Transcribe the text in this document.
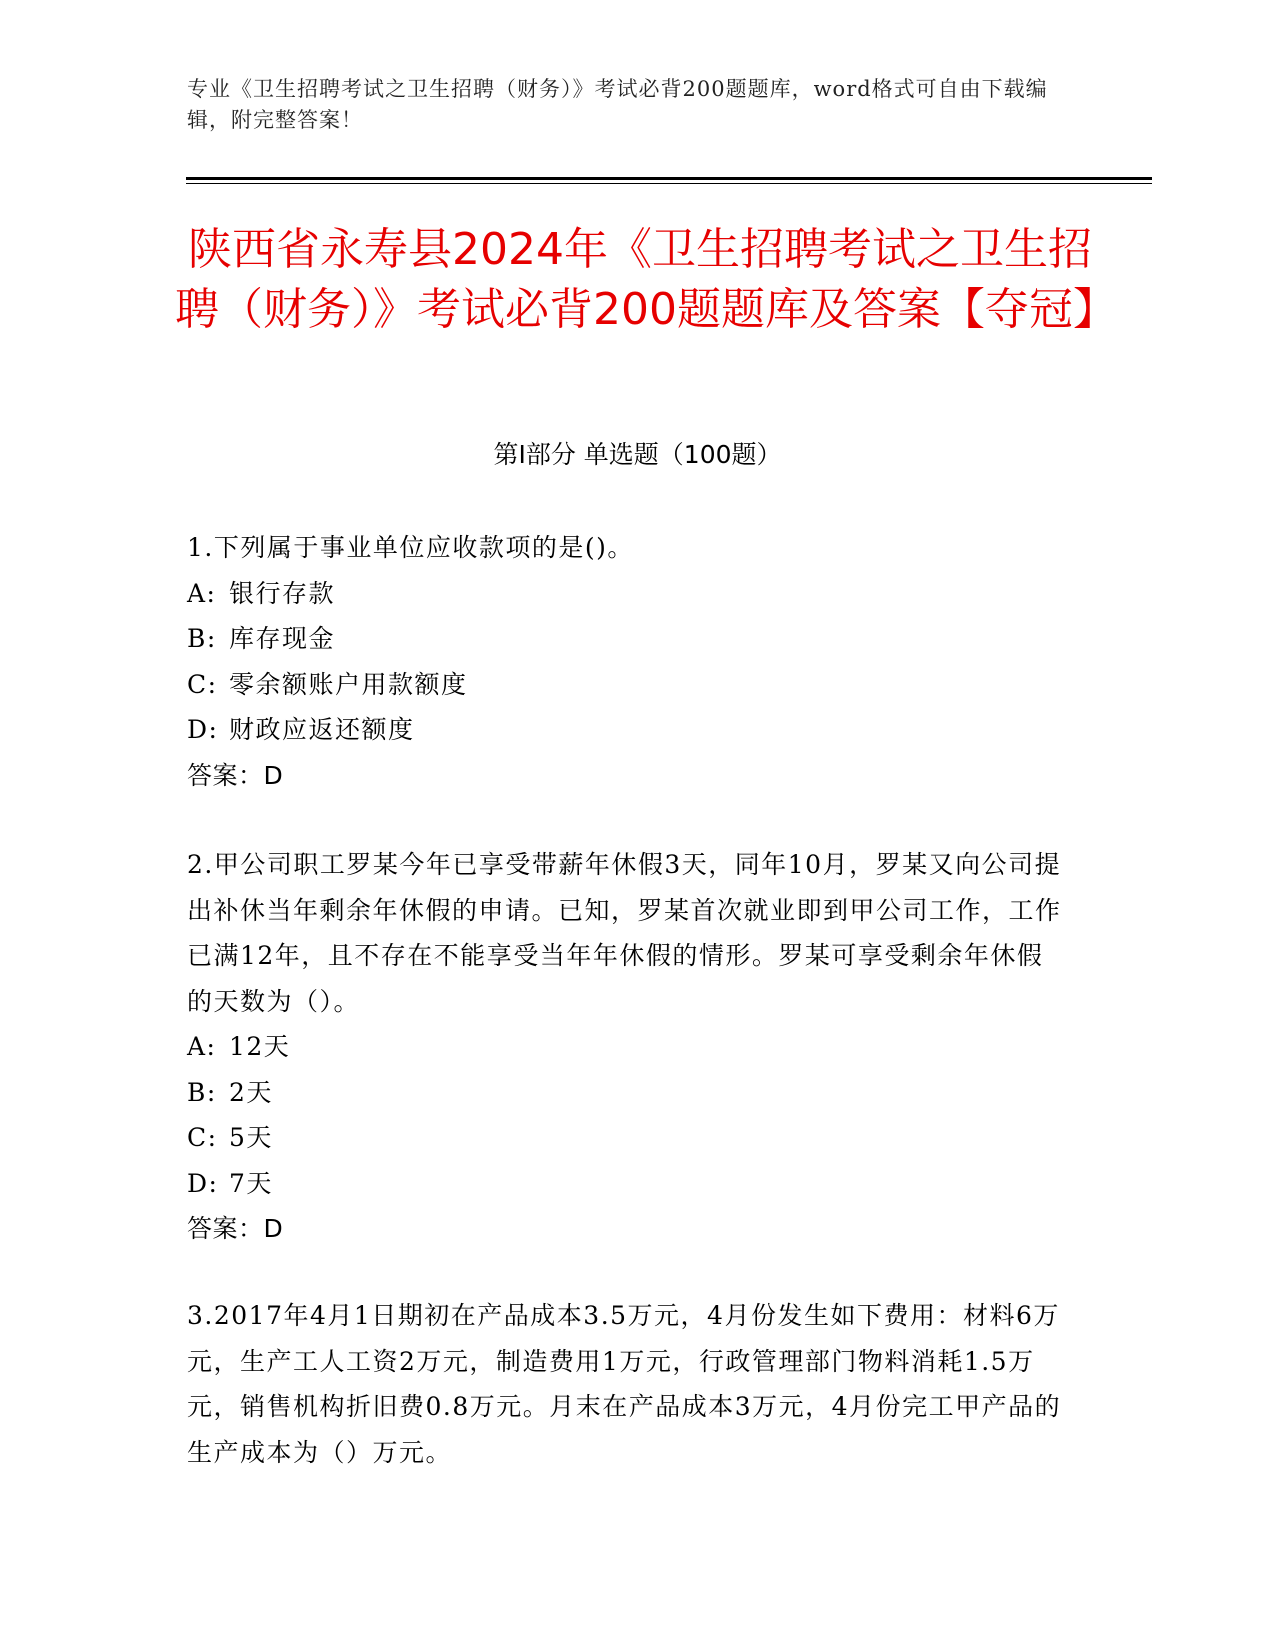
专业《卫生招聘考试之卫生招聘（财务）》考试必背200题题库，word格式可自由下载编辑，附完整答案！
陕西省永寿县2024年《卫生招聘考试之卫生招聘（财务）》考试必背200题题库及答案【夺冠】
第I部分 单选题（100题）

1.下列属于事业单位应收款项的是()。

A: 银行存款

B: 库存现金

C: 零余额账户用款额度

D: 财政应返还额度

答案：D

2.甲公司职工罗某今年已享受带薪年休假3天，同年10月，罗某又向公司提出补休当年剩余年休假的申请。已知，罗某首次就业即到甲公司工作，工作已满12年，且不存在不能享受当年年休假的情形。罗某可享受剩余年休假的天数为（）。

A: 12天

B: 2天

C: 5天

D: 7天

答案：D

3.2017年4月1日期初在产品成本3.5万元，4月份发生如下费用：材料6万元，生产工人工资2万元，制造费用1万元，行政管理部门物料消耗1.5万元，销售机构折旧费0.8万元。月末在产品成本3万元，4月份完工甲产品的生产成本为（）万元。
